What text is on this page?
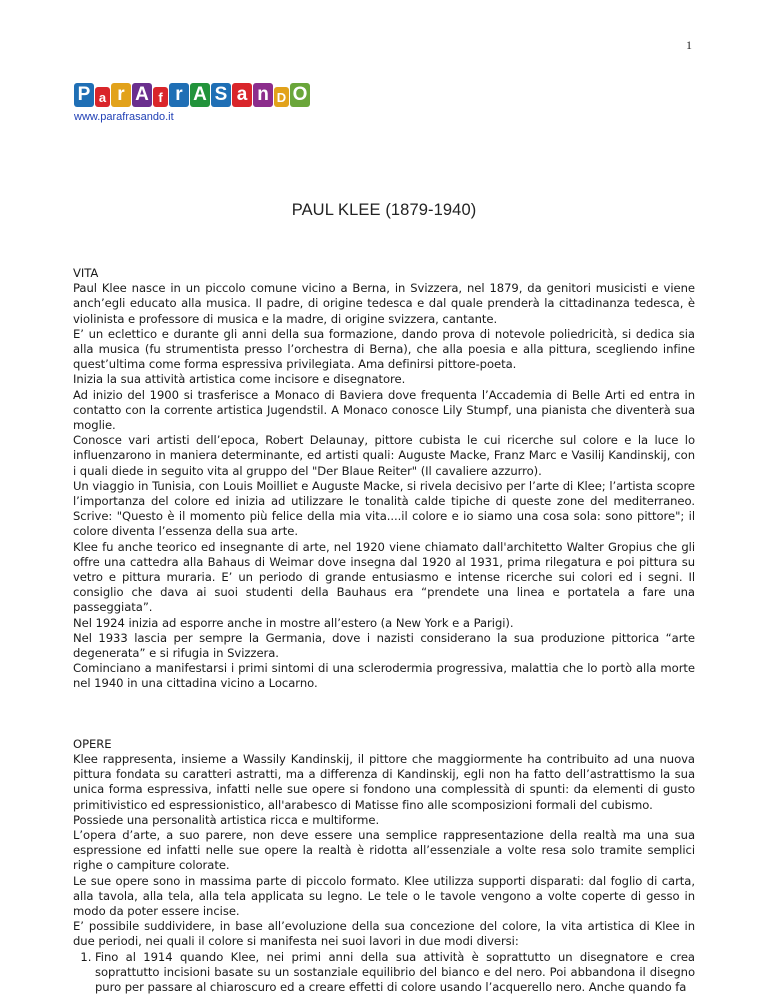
1
P a r A f r A S a n D O
www.parafrasando.it
PAUL KLEE (1879-1940)

VITA

Paul Klee nasce in un piccolo comune vicino a Berna, in Svizzera, nel 1879, da genitori musicisti e viene anch’egli educato alla musica. Il padre, di origine tedesca e dal quale prenderà la cittadinanza tedesca, è violinista e professore di musica e la madre, di origine svizzera, cantante.

E’ un eclettico e durante gli anni della sua formazione, dando prova di notevole poliedricità, si dedica sia alla musica (fu strumentista presso l’orchestra di Berna), che alla poesia e alla pittura, scegliendo infine quest’ultima come forma espressiva privilegiata. Ama definirsi pittore-poeta.

Inizia la sua attività artistica come incisore e disegnatore.

Ad inizio del 1900 si trasferisce a Monaco di Baviera dove frequenta l’Accademia di Belle Arti ed entra in contatto con la corrente artistica Jugendstil. A Monaco conosce Lily Stumpf, una pianista che diventerà sua moglie.

Conosce vari artisti dell’epoca, Robert Delaunay, pittore cubista le cui ricerche sul colore e la luce lo influenzarono in maniera determinante, ed artisti quali: Auguste Macke, Franz Marc e Vasilij Kandinskij, con i quali diede in seguito vita al gruppo del "Der Blaue Reiter" (Il cavaliere azzurro).

Un viaggio in Tunisia, con Louis Moilliet e Auguste Macke, si rivela decisivo per l’arte di Klee; l’artista scopre l’importanza del colore ed inizia ad utilizzare le tonalità calde tipiche di queste zone del mediterraneo. Scrive: "Questo è il momento più felice della mia vita....il colore e io siamo una cosa sola: sono pittore"; il colore diventa l’essenza della sua arte.

Klee fu anche teorico ed insegnante di arte, nel 1920 viene chiamato dall'architetto Walter Gropius che gli offre una cattedra alla Bahaus di Weimar dove insegna dal 1920 al 1931, prima rilegatura e poi pittura su vetro e pittura muraria. E’ un periodo di grande entusiasmo e intense ricerche sui colori ed i segni. Il consiglio che dava ai suoi studenti della Bauhaus era “prendete una linea e portatela a fare una passeggiata”.

Nel 1924 inizia ad esporre anche in mostre all’estero (a New York e a Parigi).

Nel 1933 lascia per sempre la Germania, dove i nazisti considerano la sua produzione pittorica “arte degenerata” e si rifugia in Svizzera.

Cominciano a manifestarsi i primi sintomi di una sclerodermia progressiva, malattia che lo portò alla morte nel 1940 in una cittadina vicino a Locarno.

OPERE

Klee rappresenta, insieme a Wassily Kandinskij, il pittore che maggiormente ha contribuito ad una nuova pittura fondata su caratteri astratti, ma a differenza di Kandinskij, egli non ha fatto dell’astrattismo la sua unica forma espressiva, infatti nelle sue opere si fondono una complessità di spunti: da elementi di gusto primitivistico ed espressionistico, all'arabesco di Matisse fino alle scomposizioni formali del cubismo.

Possiede una personalità artistica ricca e multiforme.

L’opera d’arte, a suo parere, non deve essere una semplice rappresentazione della realtà ma una sua espressione ed infatti nelle sue opere la realtà è ridotta all’essenziale a volte resa solo tramite semplici righe o campiture colorate.

Le sue opere sono in massima parte di piccolo formato. Klee utilizza supporti disparati: dal foglio di carta, alla tavola, alla tela, alla tela applicata su legno. Le tele o le tavole vengono a volte coperte di gesso in modo da poter essere incise.

E’ possibile suddividere, in base all’evoluzione della sua concezione del colore, la vita artistica di Klee in due periodi, nei quali il colore si manifesta nei suoi lavori in due modi diversi:

1. Fino al 1914 quando Klee, nei primi anni della sua attività è soprattutto un disegnatore e crea soprattutto incisioni basate su un sostanziale equilibrio del bianco e del nero. Poi abbandona il disegno puro per passare al chiaroscuro ed a creare effetti di colore usando l’acquerello nero. Anche quando fa
